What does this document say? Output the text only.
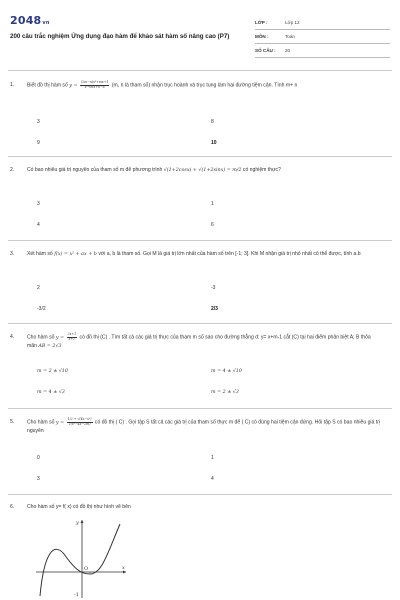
2048vn
200 câu trắc nghiệm Ứng dụng đạo hàm để khảo sát hàm số nâng cao (P7)
LỚP :	Lớp 12
MÔN :	Toán
SỐ CÂU : 20
1.	Biết đồ thị hàm số $y = \frac{\text{(2m−n)x²+mx+1}}{\text{x²+mx+n−6}} (m$, n là tham số) nhận trục hoành và trục tung làm hai đường tiệm cận. Tính m+ n
3	8
9	10
2.	Có bao nhiêu giá trị nguyên của tham số m để phương trình √(1+2cosx) + √(1+2sinx) = m/2 có nghiệm thực?
3	1
4	6
3.	Xét hàm số f(x) = x² + ax + b với a, b là tham số. Gọi M là giá trị lớn nhất của hàm số trên [-1; 3]. Khi M nhận giá trị nhỏ nhất có thể được, tính a.b
2	-3
-3/2	2/3
4.	Cho hàm số $y = \frac{2x+1}{x+1}$ có đồ thị (C) . Tìm tất cả các giá trị thực của tham m số sao cho đường thẳng d: y= x+m-1 cắt (C) tại hai điểm phân biệt A; B thỏa mãn AB = 2√3
m = 2 ± √10	m = 4 ± √10
m = 4 ± √3	m = 2 ± √3
5.	Cho hàm số $y = \frac{\text{1/2 + √(4x−x²)}}{\text{√(x²−4x−2m)}}$ có đồ thị ( C) . Gọi tập S tất cả các giá trị của tham số thực m để ( C) có đúng hai tiệm cận đứng. Hỏi tập S có bao nhiêu giá trị nguyên
0	1
3	4
6.	Cho hàm số y= f( x) có đồ thị như hình vẽ bên
y
O	x
-1
